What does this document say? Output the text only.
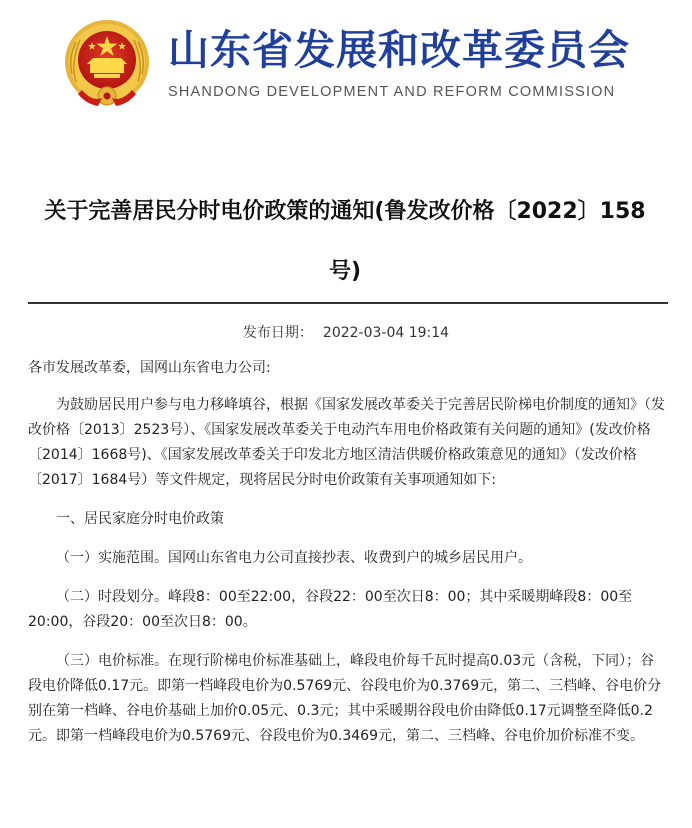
山东省发展和改革委员会
SHANDONG DEVELOPMENT AND REFORM COMMISSION
关于完善居民分时电价政策的通知(鲁发改价格〔2022〕158
号)
发布日期： 2022-03-04 19:14

各市发展改革委，国网山东省电力公司:

为鼓励居民用户参与电力移峰填谷，根据《国家发展改革委关于完善居民阶梯电价制度的通知》（发改价格〔2013〕2523号）、《国家发展改革委关于电动汽车用电价格政策有关问题的通知》(发改价格〔2014〕1668号)、《国家发展改革委关于印发北方地区清洁供暖价格政策意见的通知》（发改价格〔2017〕1684号）等文件规定，现将居民分时电价政策有关事项通知如下:

一、居民家庭分时电价政策

（一）实施范围。国网山东省电力公司直接抄表、收费到户的城乡居民用户。

（二）时段划分。峰段8：00至22:00，谷段22：00至次日8：00；其中采暖期峰段8：00至20:00，谷段20：00至次日8：00。

（三）电价标准。在现行阶梯电价标准基础上，峰段电价每千瓦时提高0.03元（含税，下同）；谷段电价降低0.17元。即第一档峰段电价为0.5769元、谷段电价为0.3769元，第二、三档峰、谷电价分别在第一档峰、谷电价基础上加价0.05元、0.3元；其中采暖期谷段电价由降低0.17元调整至降低0.2元。即第一档峰段电价为0.5769元、谷段电价为0.3469元，第二、三档峰、谷电价加价标准不变。
